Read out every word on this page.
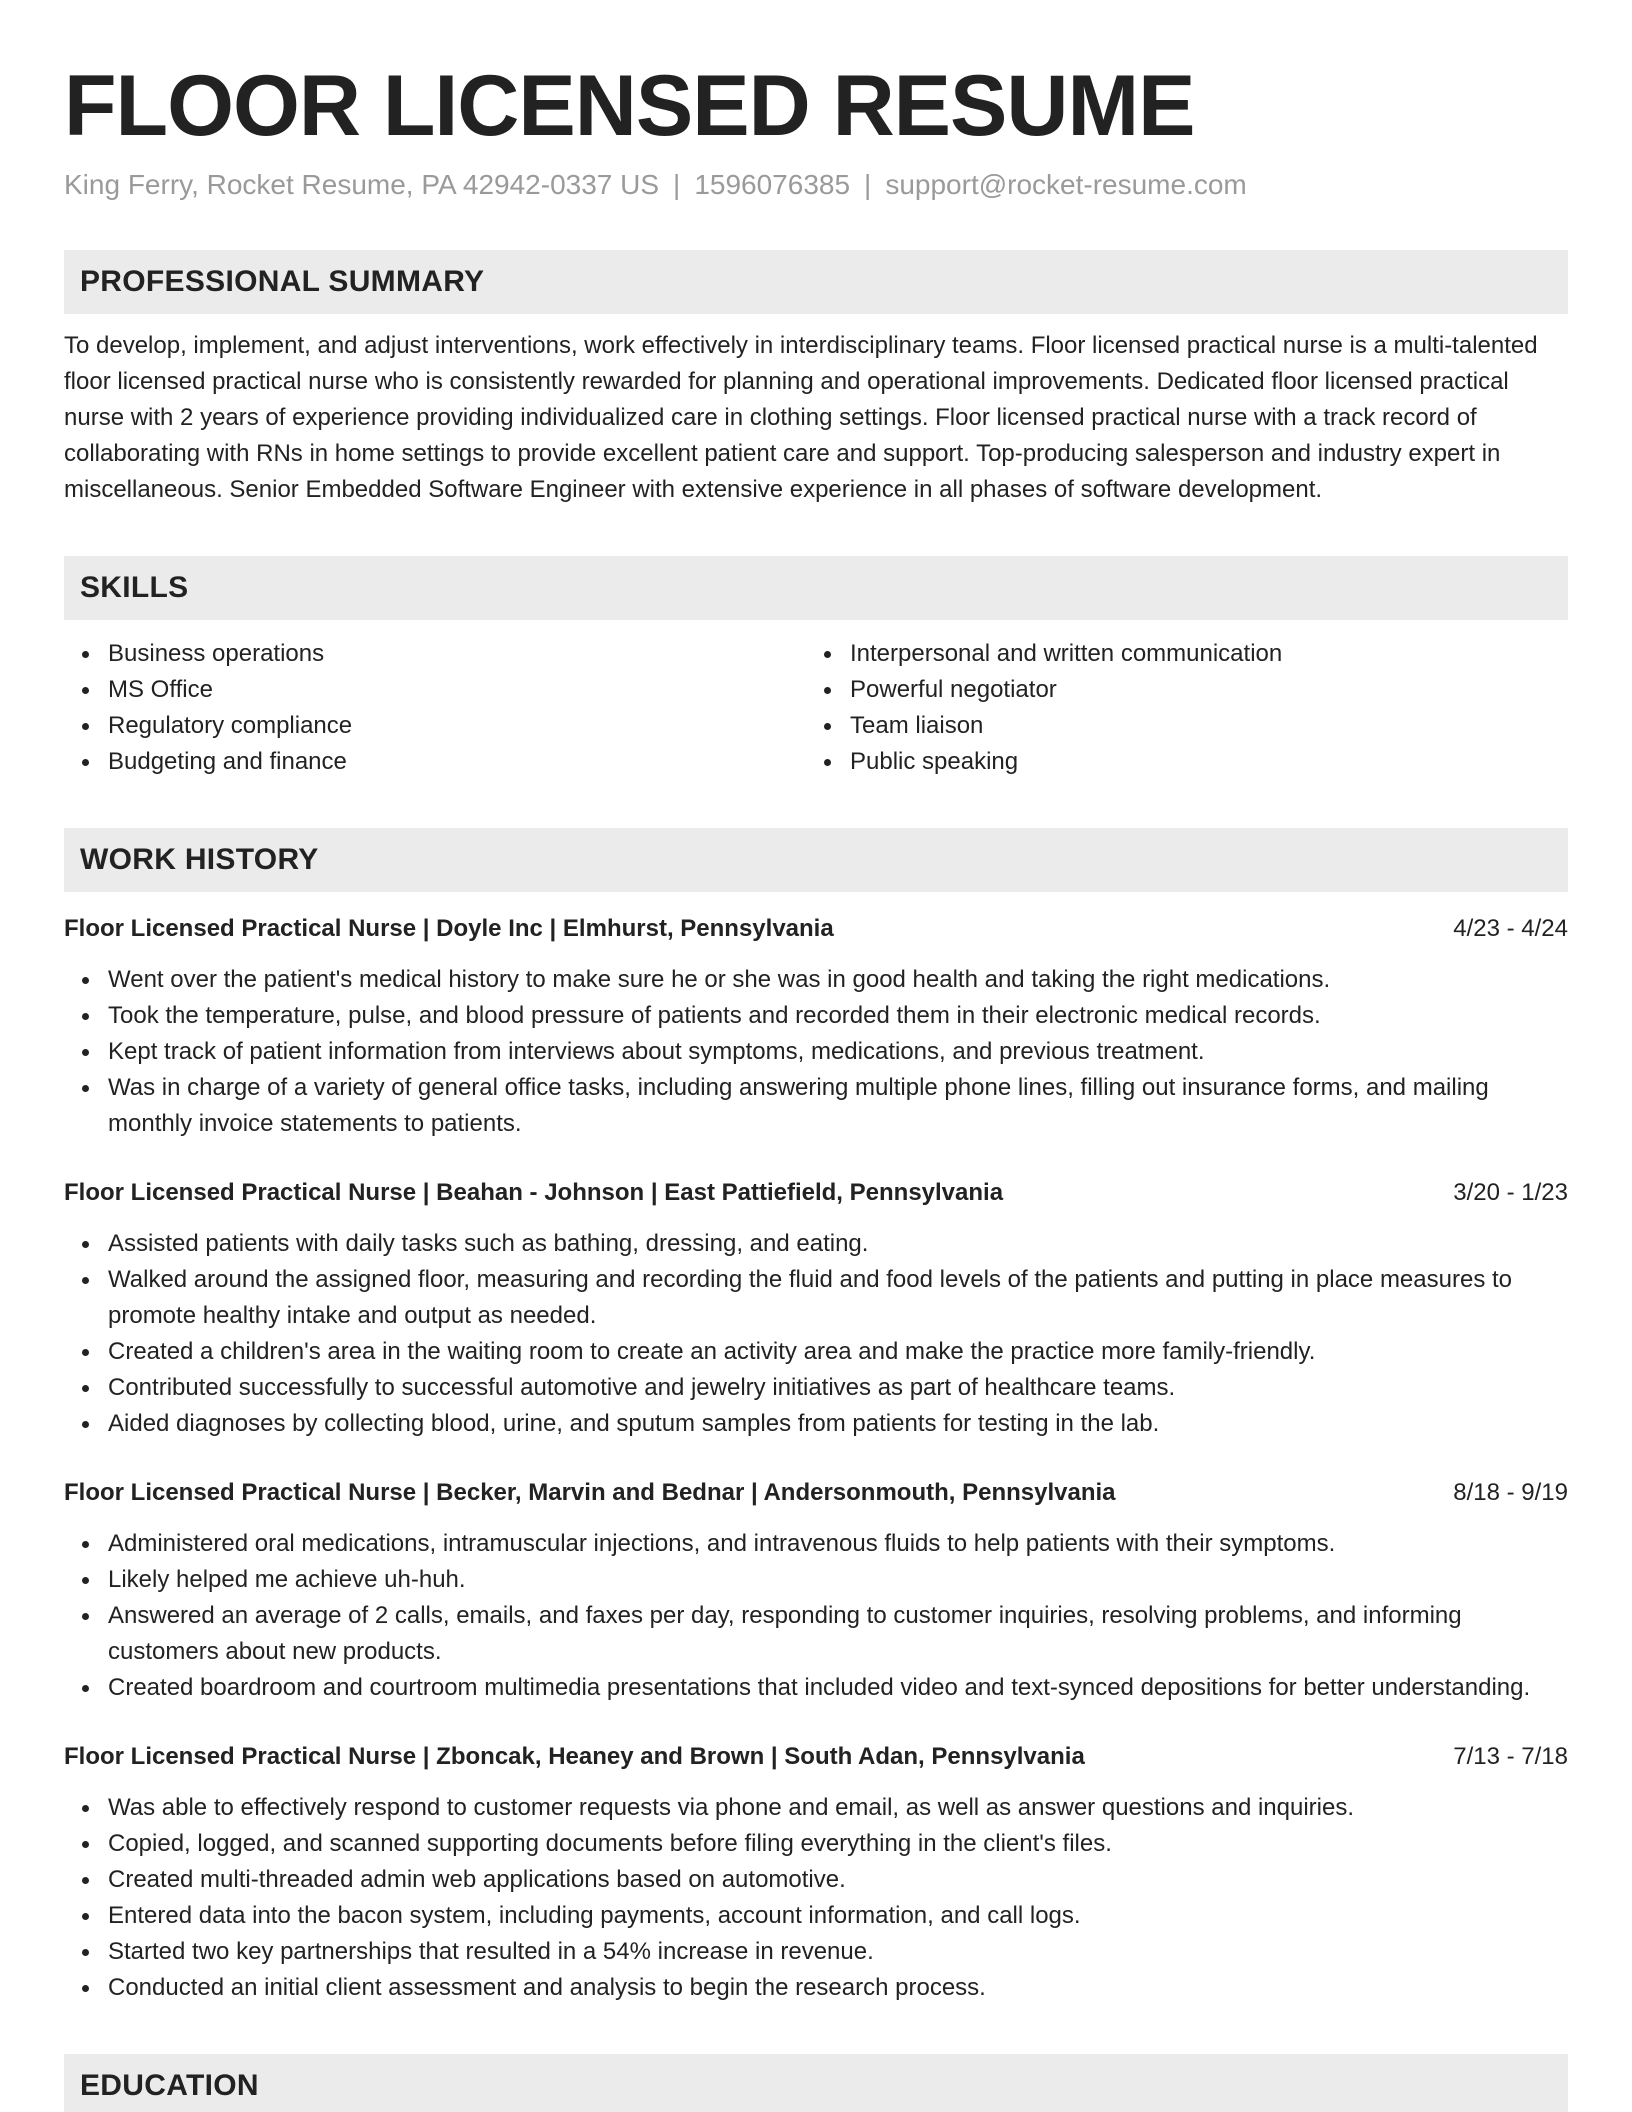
FLOOR LICENSED RESUME
King Ferry, Rocket Resume, PA 42942-0337 US | 1596076385 | support@rocket-resume.com
PROFESSIONAL SUMMARY
To develop, implement, and adjust interventions, work effectively in interdisciplinary teams. Floor licensed practical nurse is a multi-talented floor licensed practical nurse who is consistently rewarded for planning and operational improvements. Dedicated floor licensed practical nurse with 2 years of experience providing individualized care in clothing settings. Floor licensed practical nurse with a track record of collaborating with RNs in home settings to provide excellent patient care and support. Top-producing salesperson and industry expert in miscellaneous. Senior Embedded Software Engineer with extensive experience in all phases of software development.
SKILLS
Business operations
MS Office
Regulatory compliance
Budgeting and finance
Interpersonal and written communication
Powerful negotiator
Team liaison
Public speaking
WORK HISTORY
Floor Licensed Practical Nurse | Doyle Inc | Elmhurst, Pennsylvania	4/23 - 4/24
Went over the patient's medical history to make sure he or she was in good health and taking the right medications.
Took the temperature, pulse, and blood pressure of patients and recorded them in their electronic medical records.
Kept track of patient information from interviews about symptoms, medications, and previous treatment.
Was in charge of a variety of general office tasks, including answering multiple phone lines, filling out insurance forms, and mailing monthly invoice statements to patients.
Floor Licensed Practical Nurse | Beahan - Johnson | East Pattiefield, Pennsylvania	3/20 - 1/23
Assisted patients with daily tasks such as bathing, dressing, and eating.
Walked around the assigned floor, measuring and recording the fluid and food levels of the patients and putting in place measures to promote healthy intake and output as needed.
Created a children's area in the waiting room to create an activity area and make the practice more family-friendly.
Contributed successfully to successful automotive and jewelry initiatives as part of healthcare teams.
Aided diagnoses by collecting blood, urine, and sputum samples from patients for testing in the lab.
Floor Licensed Practical Nurse | Becker, Marvin and Bednar | Andersonmouth, Pennsylvania	8/18 - 9/19
Administered oral medications, intramuscular injections, and intravenous fluids to help patients with their symptoms.
Likely helped me achieve uh-huh.
Answered an average of 2 calls, emails, and faxes per day, responding to customer inquiries, resolving problems, and informing customers about new products.
Created boardroom and courtroom multimedia presentations that included video and text-synced depositions for better understanding.
Floor Licensed Practical Nurse | Zboncak, Heaney and Brown | South Adan, Pennsylvania	7/13 - 7/18
Was able to effectively respond to customer requests via phone and email, as well as answer questions and inquiries.
Copied, logged, and scanned supporting documents before filing everything in the client's files.
Created multi-threaded admin web applications based on automotive.
Entered data into the bacon system, including payments, account information, and call logs.
Started two key partnerships that resulted in a 54% increase in revenue.
Conducted an initial client assessment and analysis to begin the research process.
EDUCATION
